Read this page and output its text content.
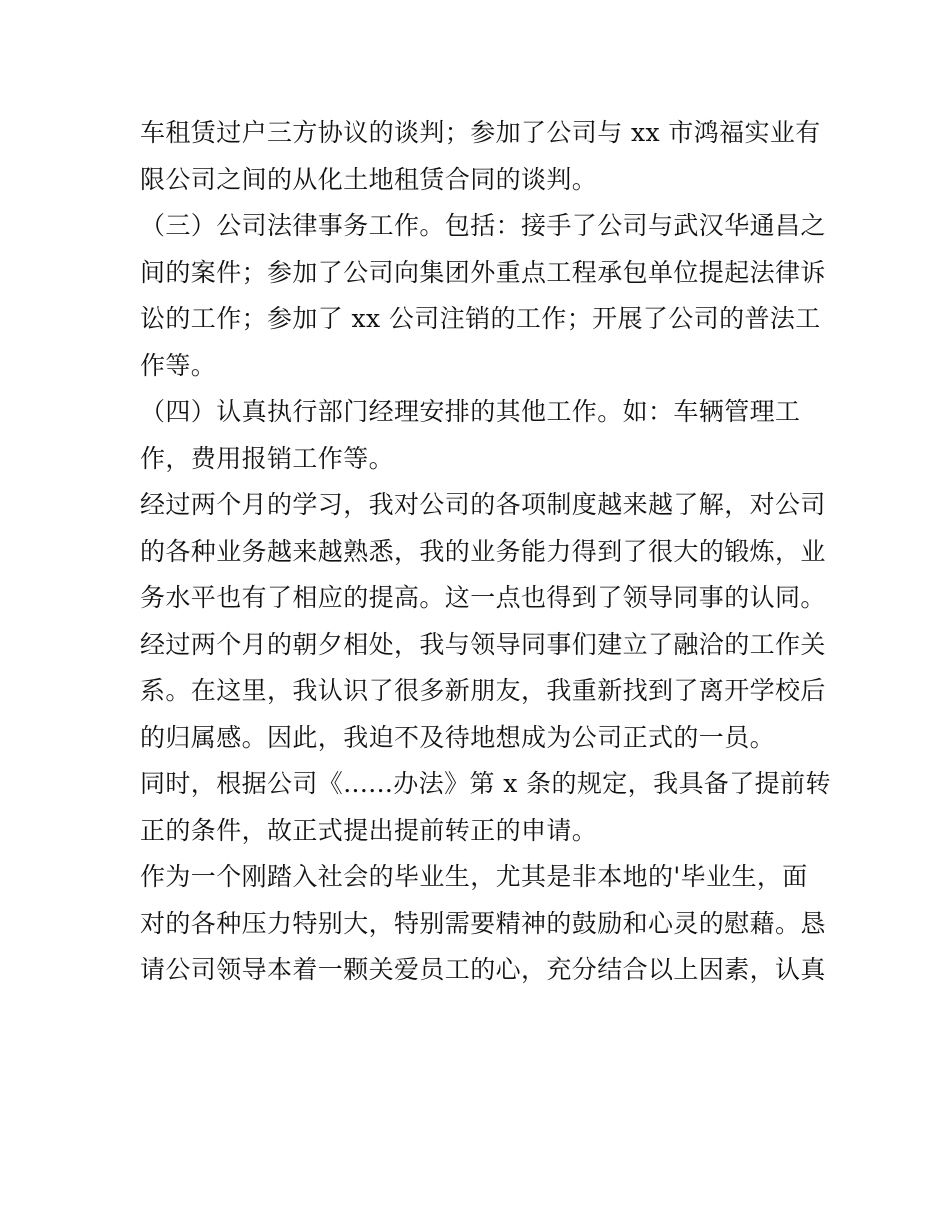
车租赁过户三方协议的谈判；参加了公司与 xx 市鸿福实业有
限公司之间的从化土地租赁合同的谈判。
（三）公司法律事务工作。包括：接手了公司与武汉华通昌之
间的案件；参加了公司向集团外重点工程承包单位提起法律诉
讼的工作；参加了 xx 公司注销的工作；开展了公司的普法工
作等。
（四）认真执行部门经理安排的其他工作。如：车辆管理工
作，费用报销工作等。
经过两个月的学习，我对公司的各项制度越来越了解，对公司
的各种业务越来越熟悉，我的业务能力得到了很大的锻炼，业
务水平也有了相应的提高。这一点也得到了领导同事的认同。
经过两个月的朝夕相处，我与领导同事们建立了融洽的工作关
系。在这里，我认识了很多新朋友，我重新找到了离开学校后
的归属感。因此，我迫不及待地想成为公司正式的一员。
同时，根据公司《......办法》第 x 条的规定，我具备了提前转
正的条件，故正式提出提前转正的申请。
作为一个刚踏入社会的毕业生，尤其是非本地的'毕业生，面
对的各种压力特别大，特别需要精神的鼓励和心灵的慰藉。恳
请公司领导本着一颗关爱员工的心，充分结合以上因素，认真
